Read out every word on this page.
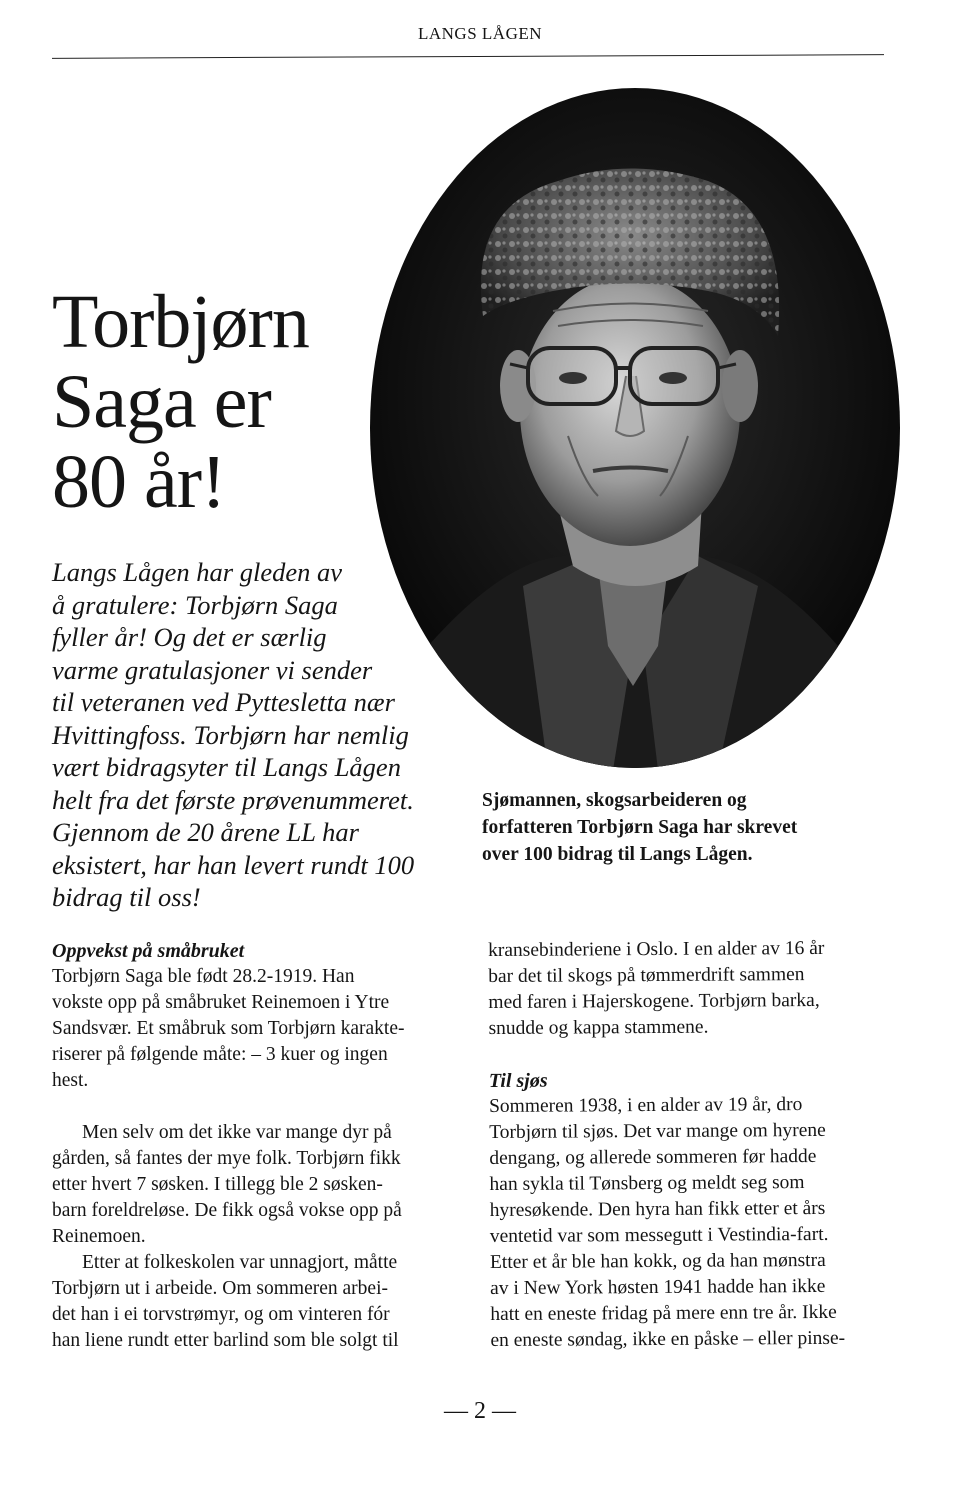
LANGS LÅGEN
Torbjørn
Saga er
80 år!

Langs Lågen har gleden av
å gratulere: Torbjørn Saga
fyller år! Og det er særlig
varme gratulasjoner vi sender
til veteranen ved Pyttesletta nær
Hvittingfoss. Torbjørn har nemlig
vært bidragsyter til Langs Lågen
helt fra det første prøvenummeret.
Gjennom de 20 årene LL har
eksistert, har han levert rundt 100
bidrag til oss!

Sjømannen, skogsarbeideren og
forfatteren Torbjørn Saga har skrevet
over 100 bidrag til Langs Lågen.

Oppvekst på småbruket
Torbjørn Saga ble født 28.2-1919. Han
vokste opp på småbruket Reinemoen i Ytre
Sandsvær. Et småbruk som Torbjørn karakte-
riserer på følgende måte: – 3 kuer og ingen
hest.
Men selv om det ikke var mange dyr på
gården, så fantes der mye folk. Torbjørn fikk
etter hvert 7 søsken. I tillegg ble 2 søsken-
barn foreldreløse. De fikk også vokse opp på
Reinemoen.
Etter at folkeskolen var unnagjort, måtte
Torbjørn ut i arbeide. Om sommeren arbei-
det han i ei torvstrømyr, og om vinteren fór
han liene rundt etter barlind som ble solgt til
kransebinderiene i Oslo. I en alder av 16 år
bar det til skogs på tømmerdrift sammen
med faren i Hajerskogene. Torbjørn barka,
snudde og kappa stammene.
Til sjøs
Sommeren 1938, i en alder av 19 år, dro
Torbjørn til sjøs. Det var mange om hyrene
dengang, og allerede sommeren før hadde
han sykla til Tønsberg og meldt seg som
hyresøkende. Den hyra han fikk etter et års
ventetid var som messegutt i Vestindia-fart.
Etter et år ble han kokk, og da han mønstra
av i New York høsten 1941 hadde han ikke
hatt en eneste fridag på mere enn tre år. Ikke
en eneste søndag, ikke en påske – eller pinse-
— 2 —
